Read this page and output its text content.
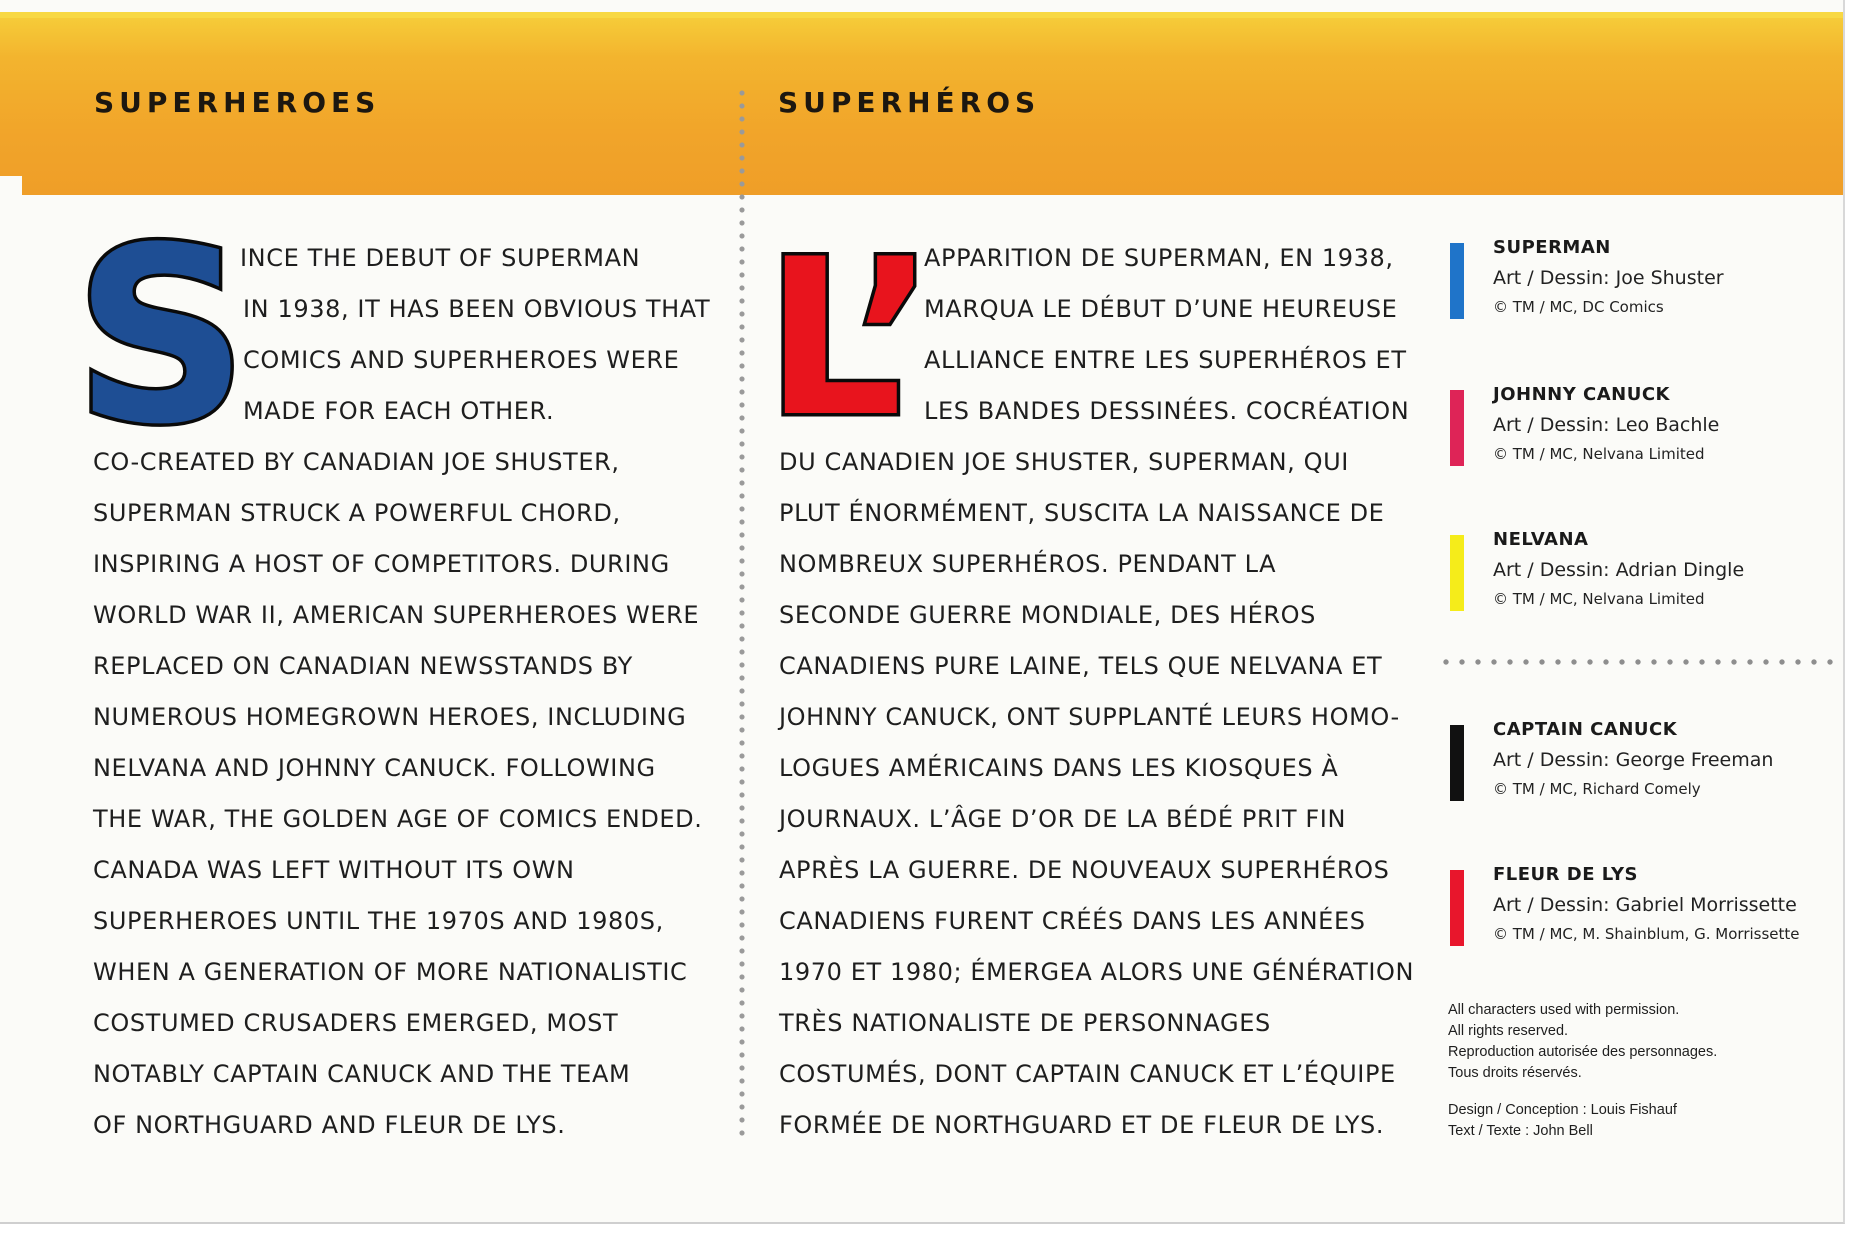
SUPERHEROES	SUPERHÉROS
S L’
INCE THE DEBUT OF SUPERMAN
IN 1938, IT HAS BEEN OBVIOUS THAT
COMICS AND SUPERHEROES WERE
MADE FOR EACH OTHER.
CO-CREATED BY CANADIAN JOE SHUSTER,
SUPERMAN STRUCK A POWERFUL CHORD,
INSPIRING A HOST OF COMPETITORS. DURING
WORLD WAR II, AMERICAN SUPERHEROES WERE
REPLACED ON CANADIAN NEWSSTANDS BY
NUMEROUS HOMEGROWN HEROES, INCLUDING
NELVANA AND JOHNNY CANUCK. FOLLOWING
THE WAR, THE GOLDEN AGE OF COMICS ENDED.
CANADA WAS LEFT WITHOUT ITS OWN
SUPERHEROES UNTIL THE 1970S AND 1980S,
WHEN A GENERATION OF MORE NATIONALISTIC
COSTUMED CRUSADERS EMERGED, MOST
NOTABLY CAPTAIN CANUCK AND THE TEAM
OF NORTHGUARD AND FLEUR DE LYS.
APPARITION DE SUPERMAN, EN 1938,
MARQUA LE DÉBUT D’UNE HEUREUSE
ALLIANCE ENTRE LES SUPERHÉROS ET
LES BANDES DESSINÉES. COCRÉATION
DU CANADIEN JOE SHUSTER, SUPERMAN, QUI
PLUT ÉNORMÉMENT, SUSCITA LA NAISSANCE DE
NOMBREUX SUPERHÉROS. PENDANT LA
SECONDE GUERRE MONDIALE, DES HÉROS
CANADIENS PURE LAINE, TELS QUE NELVANA ET
JOHNNY CANUCK, ONT SUPPLANTÉ LEURS HOMO-
LOGUES AMÉRICAINS DANS LES KIOSQUES À
JOURNAUX. L’ÂGE D’OR DE LA BÉDÉ PRIT FIN
APRÈS LA GUERRE. DE NOUVEAUX SUPERHÉROS
CANADIENS FURENT CRÉÉS DANS LES ANNÉES
1970 ET 1980; ÉMERGEA ALORS UNE GÉNÉRATION
TRÈS NATIONALISTE DE PERSONNAGES
COSTUMÉS, DONT CAPTAIN CANUCK ET L’ÉQUIPE
FORMÉE DE NORTHGUARD ET DE FLEUR DE LYS.
SUPERMAN
Art / Dessin: Joe Shuster
© TM / MC, DC Comics
JOHNNY CANUCK
Art / Dessin: Leo Bachle
© TM / MC, Nelvana Limited
NELVANA
Art / Dessin: Adrian Dingle
© TM / MC, Nelvana Limited
CAPTAIN CANUCK
Art / Dessin: George Freeman
© TM / MC, Richard Comely
FLEUR DE LYS
Art / Dessin: Gabriel Morrissette
© TM / MC, M. Shainblum, G. Morrissette
All characters used with permission.
All rights reserved.
Reproduction autorisée des personnages.
Tous droits réservés.
Design / Conception : Louis Fishauf
Text / Texte : John Bell
